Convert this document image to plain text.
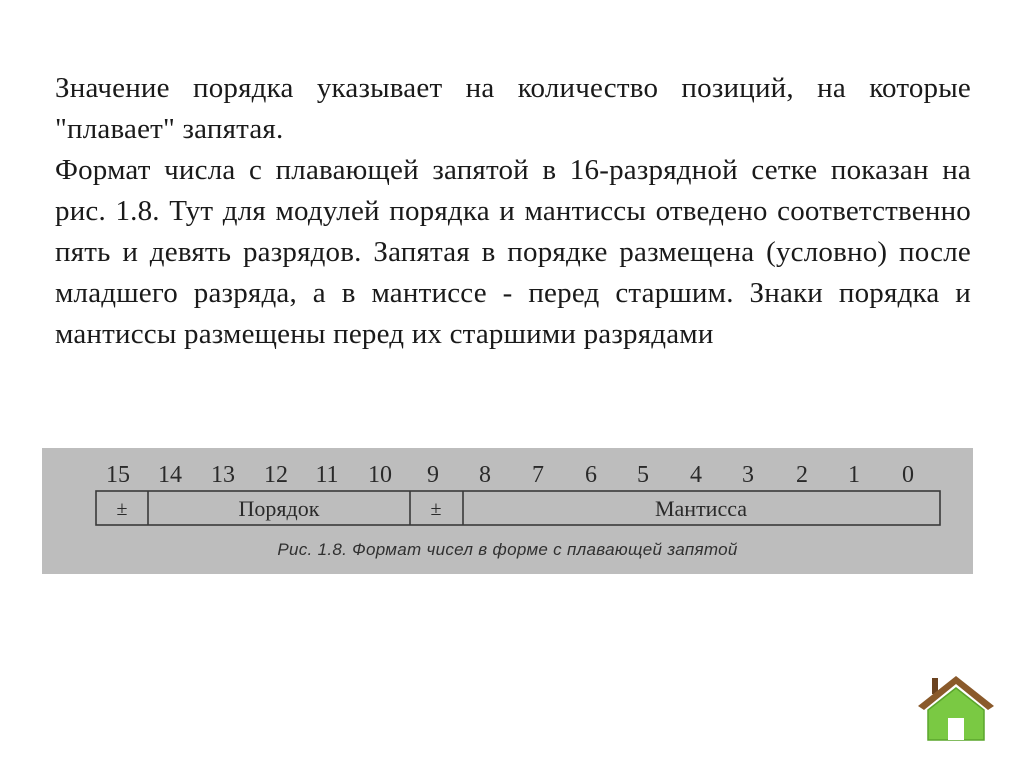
Значение порядка указывает на количество позиций, на которые "плавает" запятая.

Формат числа с плавающей запятой в 16-разрядной сетке показан на рис. 1.8. Тут для модулей порядка и мантиссы отведено соответственно пять и девять разрядов. Запятая в порядке размещена (условно) после младшего разряда, а в мантиссе - перед старшим. Знаки порядка и мантиссы размещены перед их старшими разрядами

15 14 13 12 11 10 9 8 7 6 5 4 3 2 1 0
±	Порядок	±	Мантисса
Рис. 1.8. Формат чисел в форме с плавающей запятой
